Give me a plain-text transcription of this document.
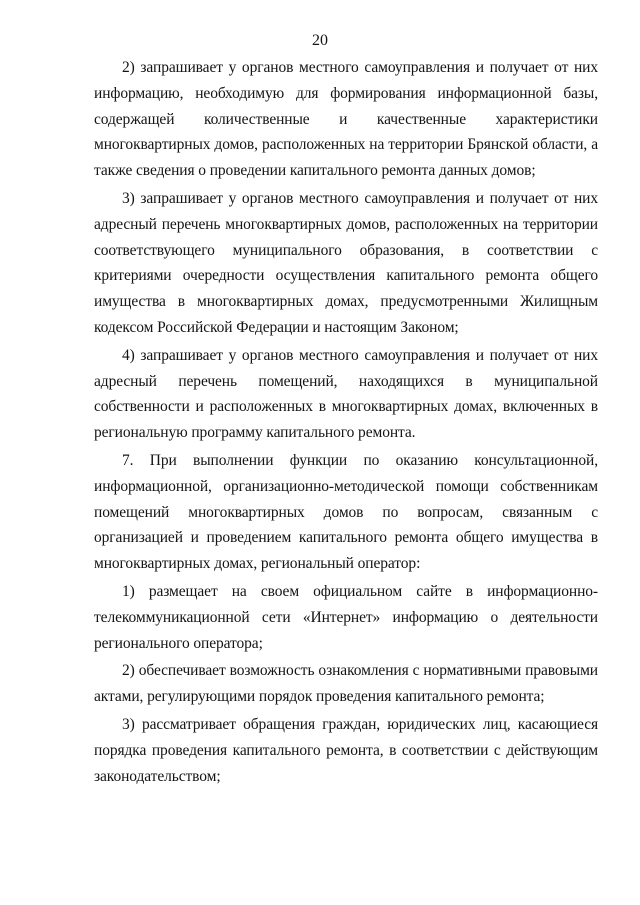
20

2) запрашивает у органов местного самоуправления и получает от них информацию, необходимую для формирования информационной базы, содержащей количественные и качественные характеристики многоквартирных домов, расположенных на территории Брянской области, а также сведения о проведении капитального ремонта данных домов;

3) запрашивает у органов местного самоуправления и получает от них адресный перечень многоквартирных домов, расположенных на территории соответствующего муниципального образования, в соответствии с критериями очередности осуществления капитального ремонта общего имущества в многоквартирных домах, предусмотренными Жилищным кодексом Российской Федерации и настоящим Законом;

4) запрашивает у органов местного самоуправления и получает от них адресный перечень помещений, находящихся в муниципальной собственности и расположенных в многоквартирных домах, включенных в региональную программу капитального ремонта.

7. При выполнении функции по оказанию консультационной, информационной, организационно-методической помощи собственникам помещений многоквартирных домов по вопросам, связанным с организацией и проведением капитального ремонта общего имущества в многоквартирных домах, региональный оператор:

1) размещает на своем официальном сайте в информационно-телекоммуникационной сети «Интернет» информацию о деятельности регионального оператора;

2) обеспечивает возможность ознакомления с нормативными правовыми актами, регулирующими порядок проведения капитального ремонта;

3) рассматривает обращения граждан, юридических лиц, касающиеся порядка проведения капитального ремонта, в соответствии с действующим законодательством;
